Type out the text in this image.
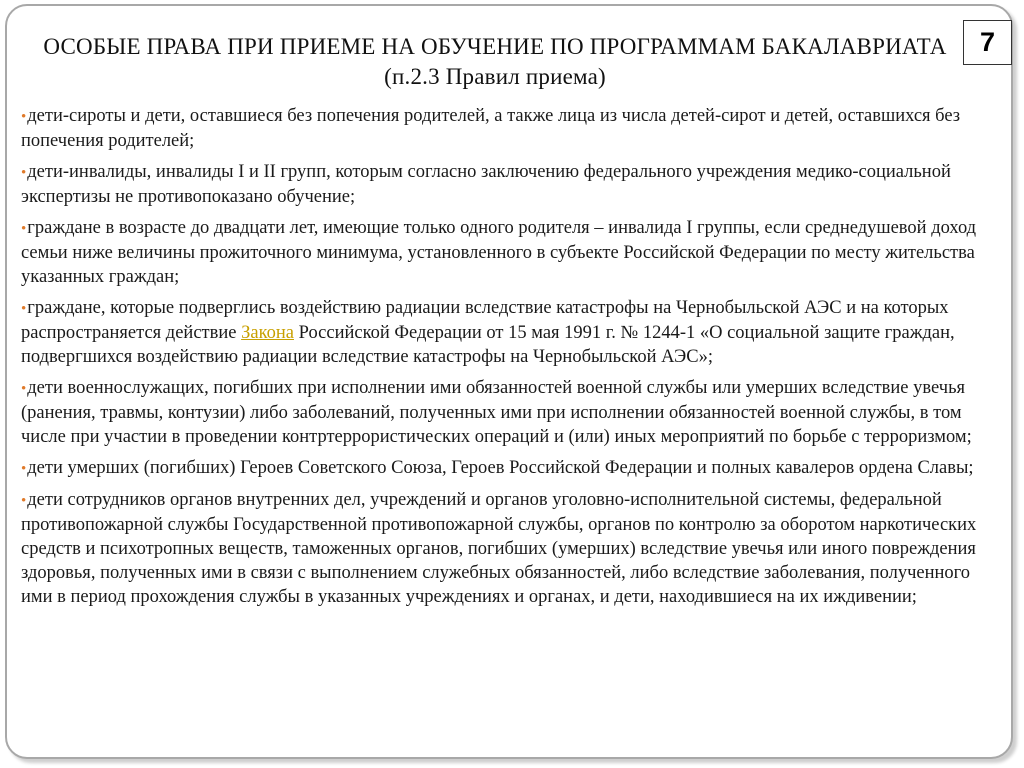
ОСОБЫЕ ПРАВА ПРИ ПРИЕМЕ НА ОБУЧЕНИЕ ПО ПРОГРАММАМ БАКАЛАВРИАТА
(п.2.3 Правил приема)
•дети-сироты и дети, оставшиеся без попечения родителей, а также лица из числа детей-сирот и детей, оставшихся без попечения родителей;
•дети-инвалиды, инвалиды I и II групп, которым согласно заключению федерального учреждения медико-социальной экспертизы не противопоказано обучение;
•граждане в возрасте до двадцати лет, имеющие только одного родителя – инвалида I группы, если среднедушевой доход семьи ниже величины прожиточного минимума, установленного в субъекте Российской Федерации по месту жительства указанных граждан;
•граждане, которые подверглись воздействию радиации вследствие катастрофы на Чернобыльской АЭС и на которых распространяется действие Закона Российской Федерации от 15 мая 1991 г. № 1244-1 «О социальной защите граждан, подвергшихся воздействию радиации вследствие катастрофы на Чернобыльской АЭС»;
•дети военнослужащих, погибших при исполнении ими обязанностей военной службы или умерших вследствие увечья (ранения, травмы, контузии) либо заболеваний, полученных ими при исполнении обязанностей военной службы, в том числе при участии в проведении контртеррористических операций и (или) иных мероприятий по борьбе с терроризмом;
•дети умерших (погибших) Героев Советского Союза, Героев Российской Федерации и полных кавалеров ордена Славы;
•дети сотрудников органов внутренних дел, учреждений и органов уголовно-исполнительной системы, федеральной противопожарной службы Государственной противопожарной службы, органов по контролю за оборотом наркотических средств и психотропных веществ, таможенных органов, погибших (умерших) вследствие увечья или иного повреждения здоровья, полученных ими в связи с выполнением служебных обязанностей, либо вследствие заболевания, полученного ими в период прохождения службы в указанных учреждениях и органах, и дети, находившиеся на их иждивении;
7
